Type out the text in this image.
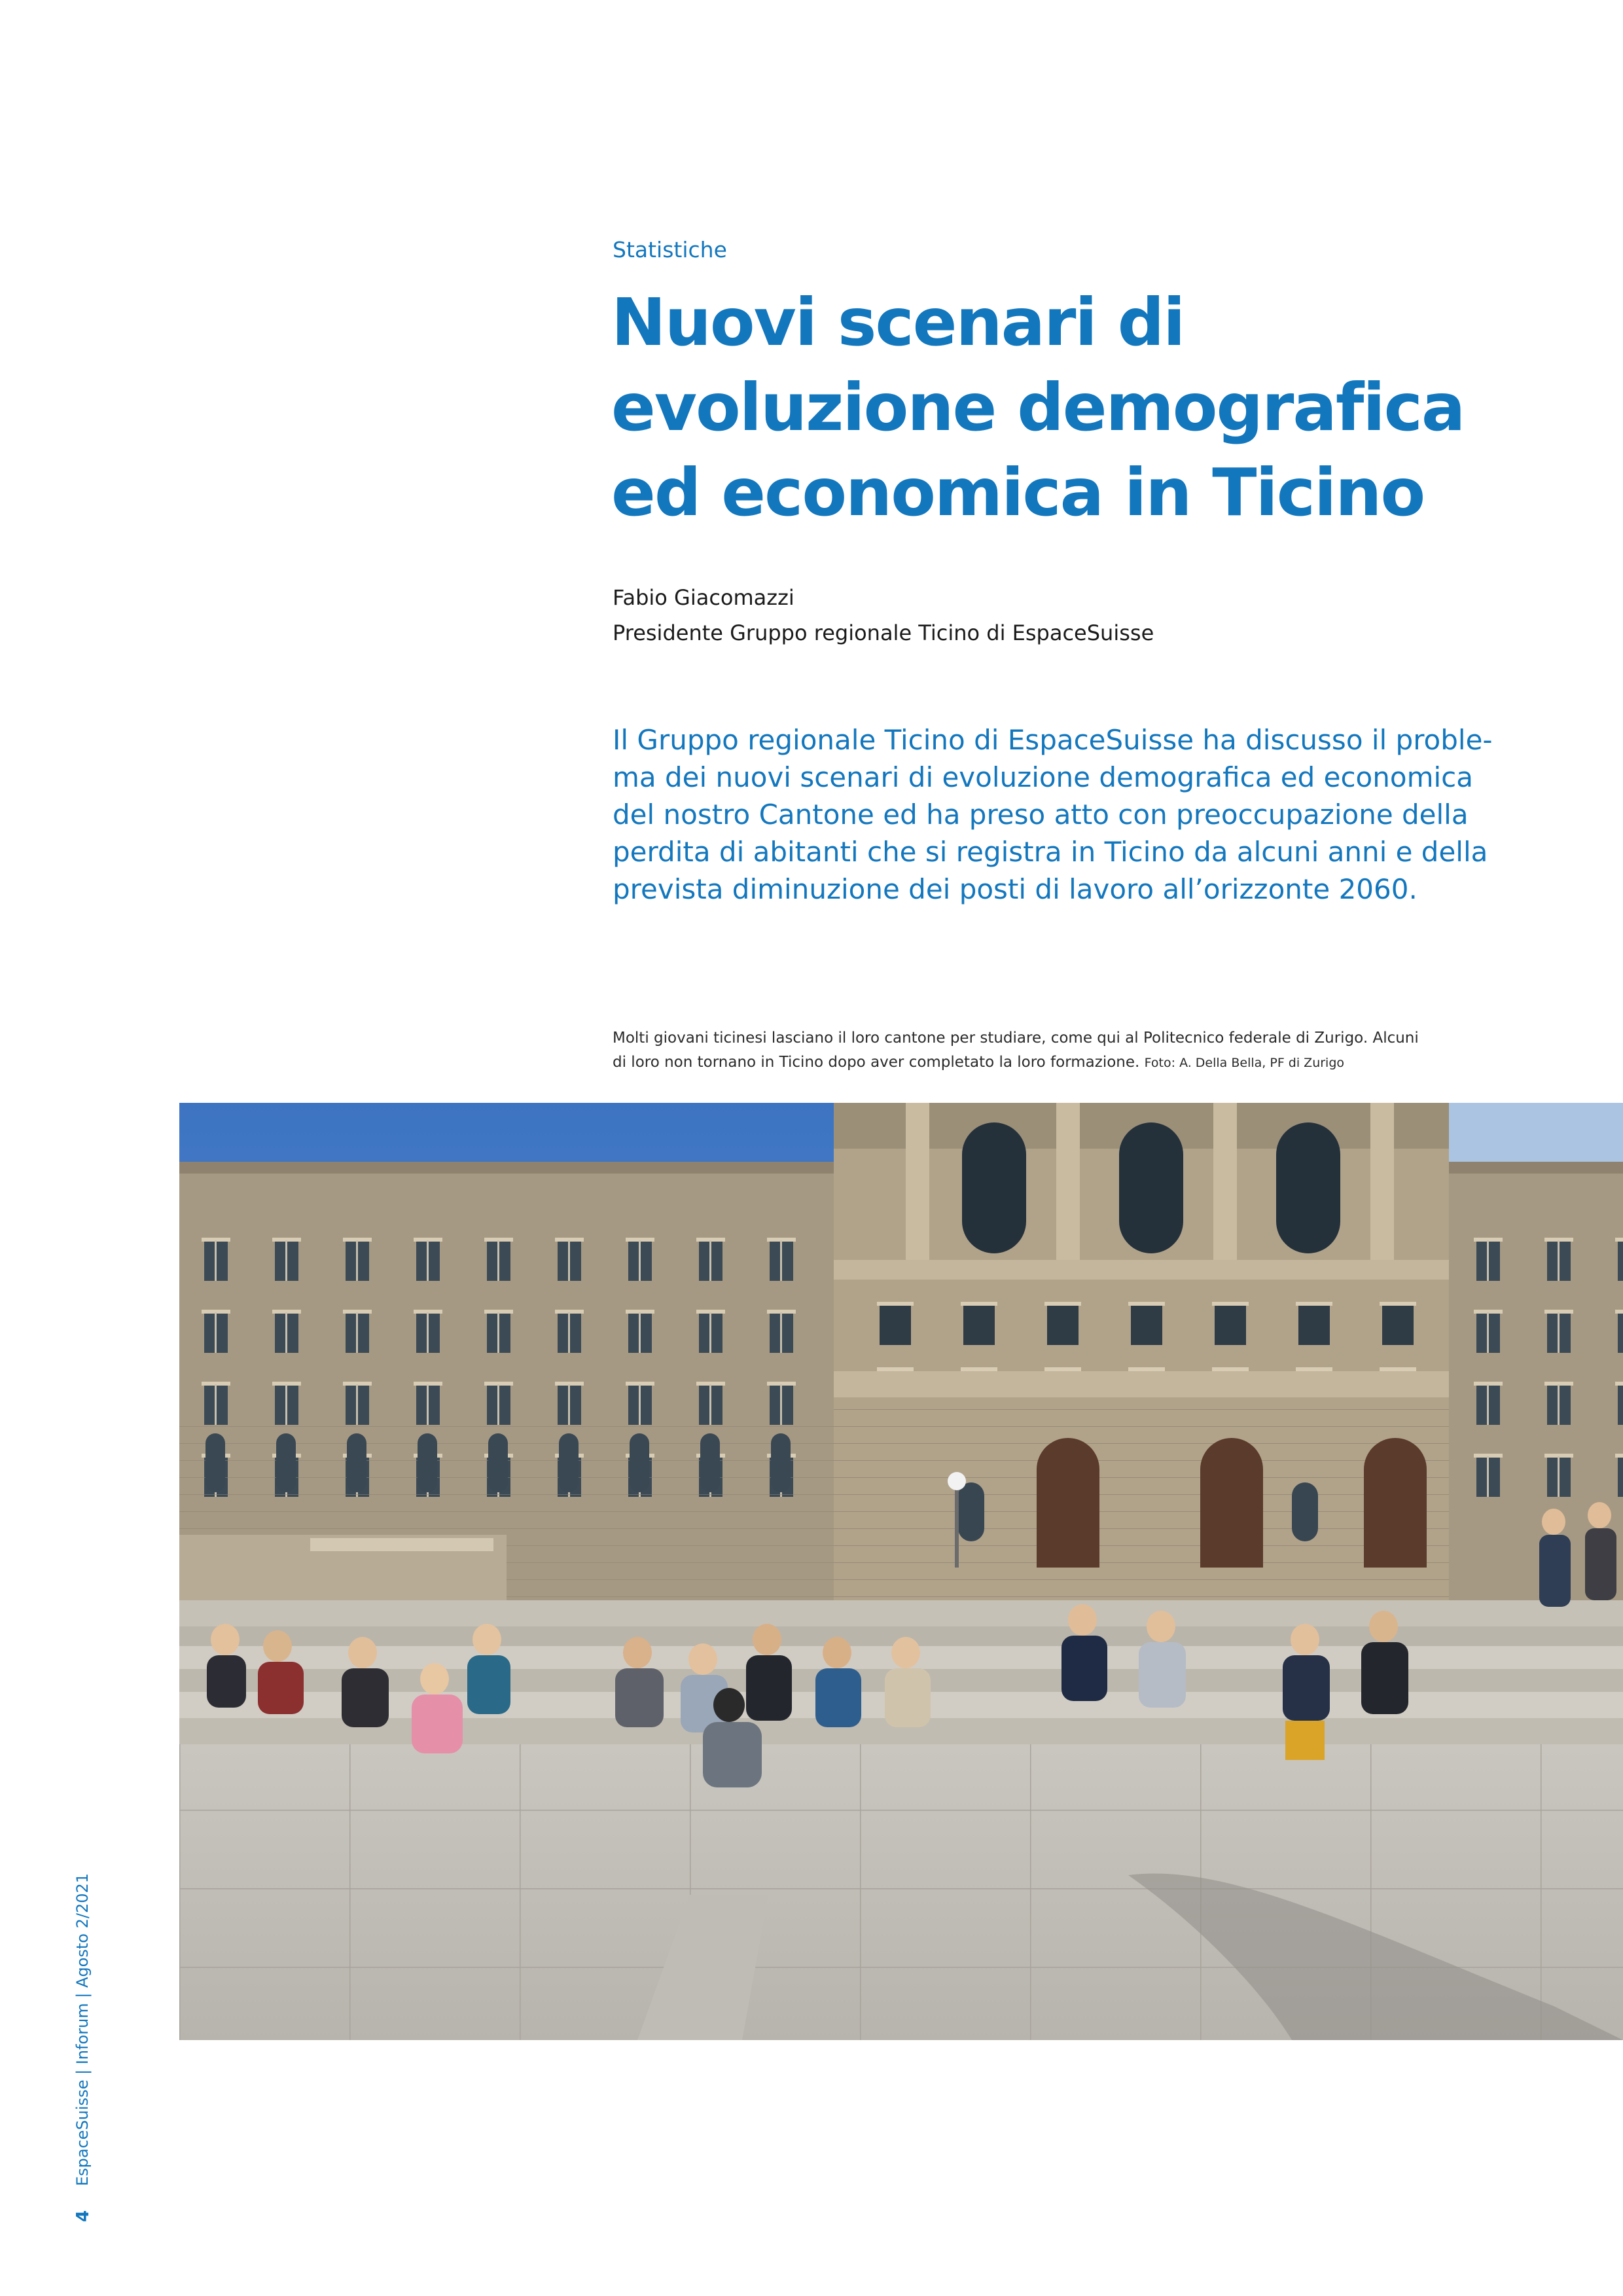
Statistiche
Nuovi scenari di
evoluzione demografica
ed economica in Ticino
Fabio Giacomazzi
Presidente Gruppo regionale Ticino di EspaceSuisse
Il Gruppo regionale Ticino di EspaceSuisse ha discusso il proble-
ma dei nuovi scenari di evoluzione demografica ed economica
del nostro Cantone ed ha preso atto con preoccupazione della
perdita di abitanti che si registra in Ticino da alcuni anni e della
prevista diminuzione dei posti di lavoro all’orizzonte 2060.
Molti giovani ticinesi lasciano il loro cantone per studiare, come qui al Politecnico federale di Zurigo. Alcuni
di loro non tornano in Ticino dopo aver completato la loro formazione. Foto: A. Della Bella, PF di Zurigo
EspaceSuisse | Inforum | Agosto 2/2021
4
